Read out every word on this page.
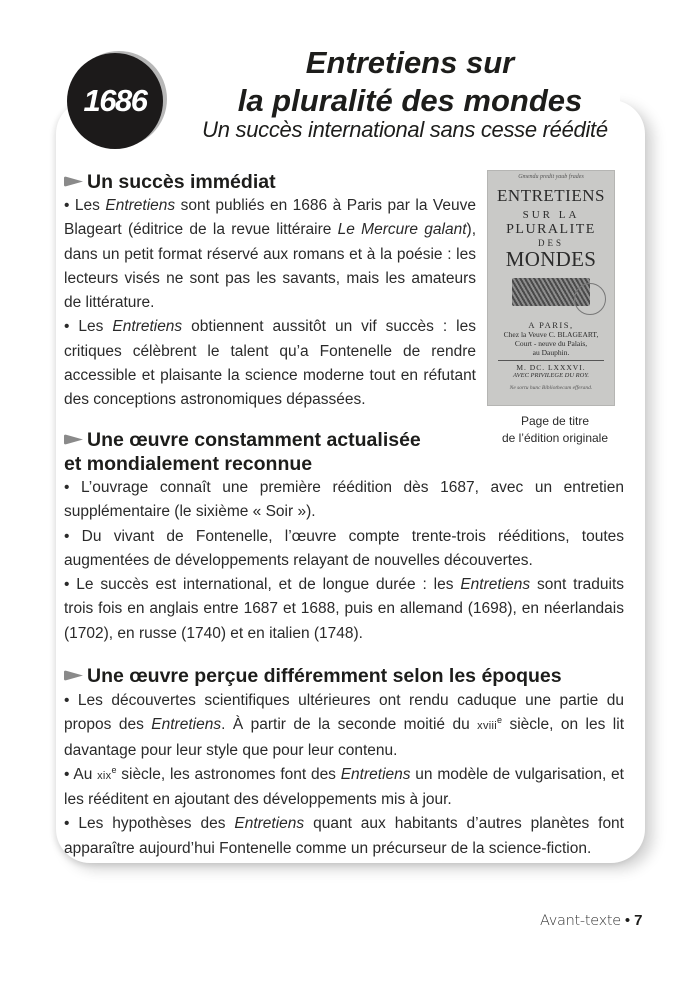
1686
Entretiens sur
la pluralité des mondes
Un succès international sans cesse réédité
Un succès immédiat

• Les Entretiens sont publiés en 1686 à Paris par la Veuve Blageart (éditrice de la revue littéraire Le Mercure galant), dans un petit format réservé aux romans et à la poésie : les lecteurs visés ne sont pas les savants, mais les amateurs de littérature.

• Les Entretiens obtiennent aussitôt un vif succès : les critiques célèbrent le talent qu’a Fontenelle de rendre accessible et plaisante la science moderne tout en réfutant des conceptions astronomiques dépassées.

Gmendu predit yaub frades
ENTRETIENS
SUR LA
PLURALITE
DES
MONDES
A PARIS,
Chez la Veuve C. BLAGEART,
Court - neuve du Palais,
au Dauphin.
M. DC. LXXXVI.
AVEC PRIVILEGE DU ROY.
Ne sortu hunc Bibliothecam efferand.
Page de titre
de l’édition originale
Une œuvre constamment actualisée
et mondialement reconnue

• L’ouvrage connaît une première réédition dès 1687, avec un entretien supplémentaire (le sixième « Soir »).

• Du vivant de Fontenelle, l’œuvre compte trente-trois rééditions, toutes augmentées de développements relayant de nouvelles découvertes.

• Le succès est international, et de longue durée : les Entretiens sont traduits trois fois en anglais entre 1687 et 1688, puis en allemand (1698), en néerlandais (1702), en russe (1740) et en italien (1748).

Une œuvre perçue différemment selon les époques

• Les découvertes scientifiques ultérieures ont rendu caduque une partie du propos des Entretiens. À partir de la seconde moitié du xviii$^e$ siècle, on les lit davantage pour leur style que pour leur contenu.

• Au xix$^e$ siècle, les astronomes font des Entretiens un modèle de vulgarisation, et les rééditent en ajoutant des développements mis à jour.

• Les hypothèses des Entretiens quant aux habitants d’autres planètes font apparaître aujourd’hui Fontenelle comme un précurseur de la science-fiction.

Avant-texte • 7
